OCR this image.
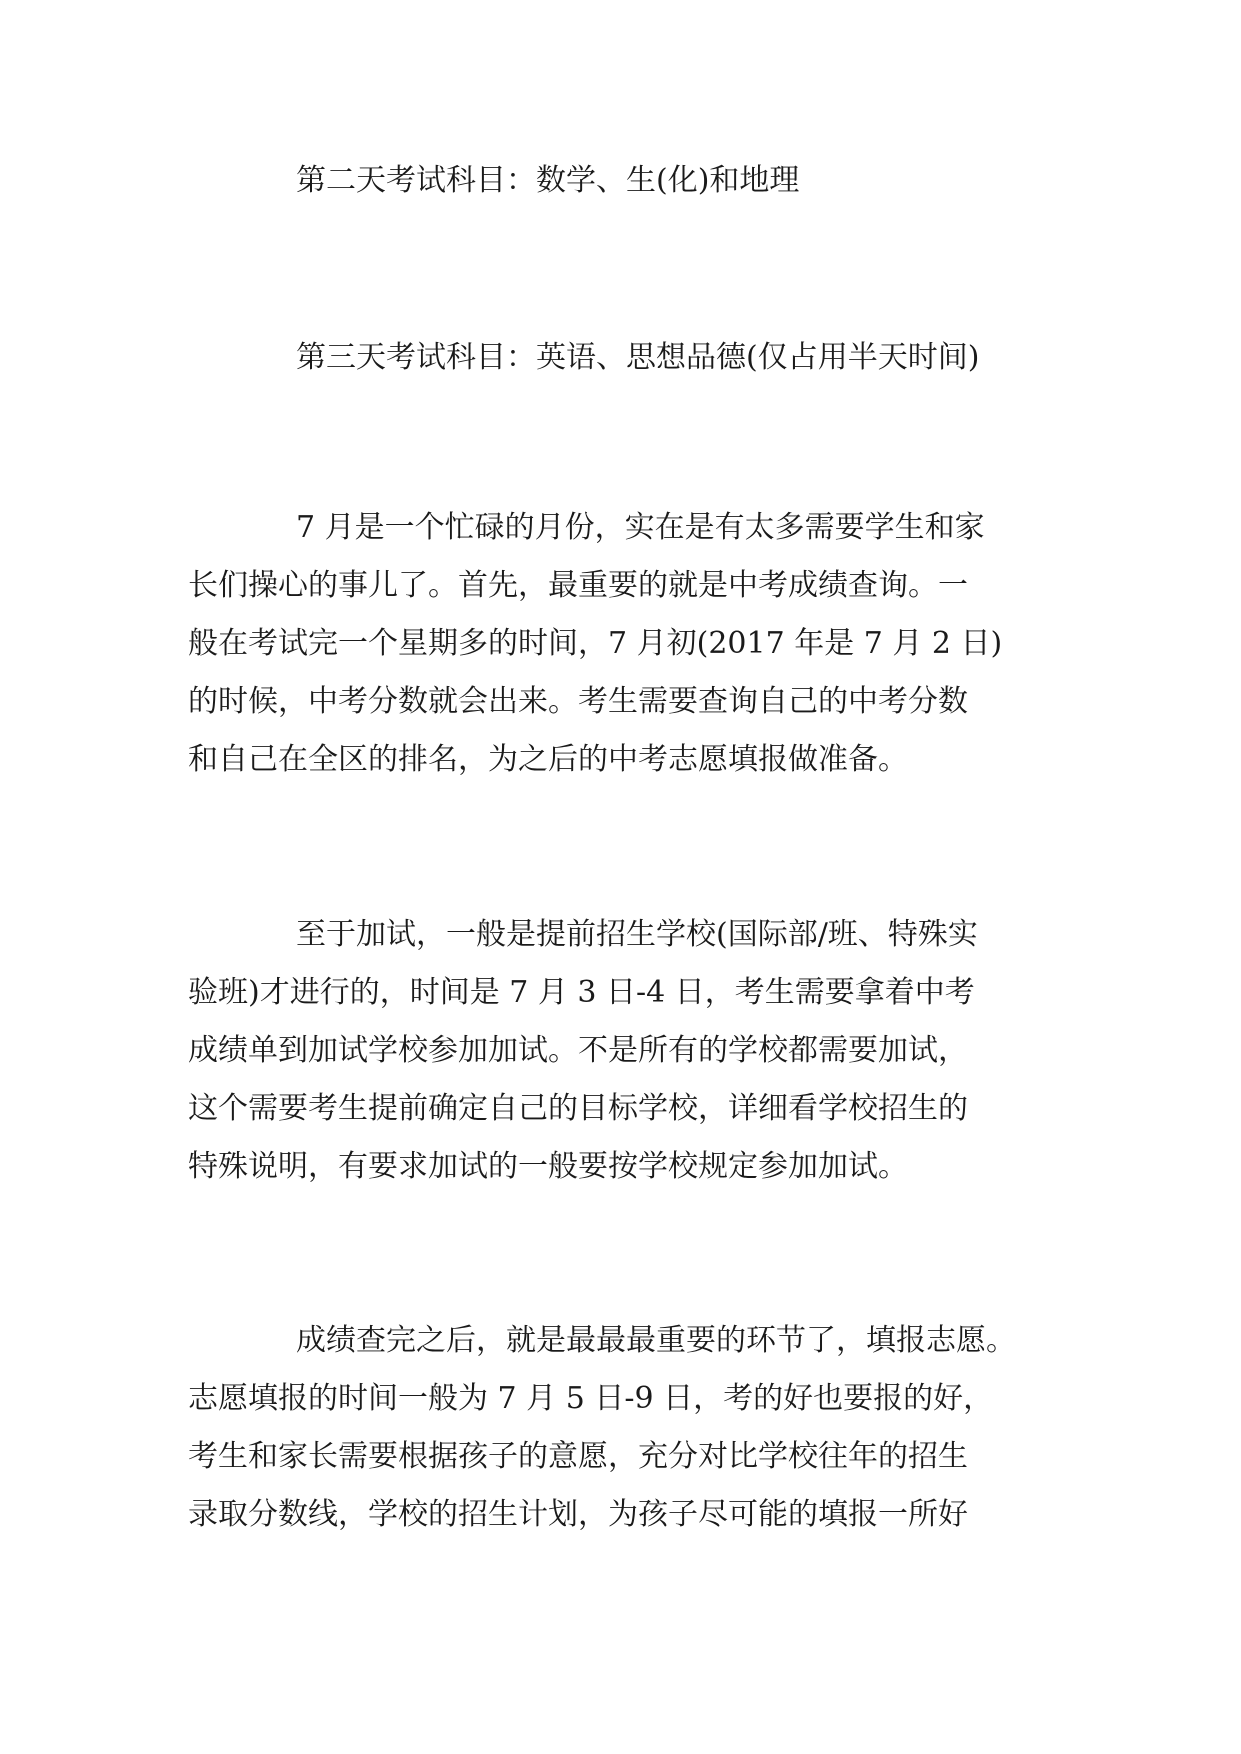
第二天考试科目：数学、生(化)和地理
第三天考试科目：英语、思想品德(仅占用半天时间)
7 月是一个忙碌的月份，实在是有太多需要学生和家
长们操心的事儿了。首先，最重要的就是中考成绩查询。一
般在考试完一个星期多的时间，7 月初(2017 年是 7 月 2 日)
的时候，中考分数就会出来。考生需要查询自己的中考分数
和自己在全区的排名，为之后的中考志愿填报做准备。
至于加试，一般是提前招生学校(国际部/班、特殊实
验班)才进行的，时间是 7 月 3 日-4 日，考生需要拿着中考
成绩单到加试学校参加加试。不是所有的学校都需要加试，
这个需要考生提前确定自己的目标学校，详细看学校招生的
特殊说明，有要求加试的一般要按学校规定参加加试。
成绩查完之后，就是最最最重要的环节了，填报志愿。
志愿填报的时间一般为 7 月 5 日-9 日，考的好也要报的好，
考生和家长需要根据孩子的意愿，充分对比学校往年的招生
录取分数线，学校的招生计划，为孩子尽可能的填报一所好
